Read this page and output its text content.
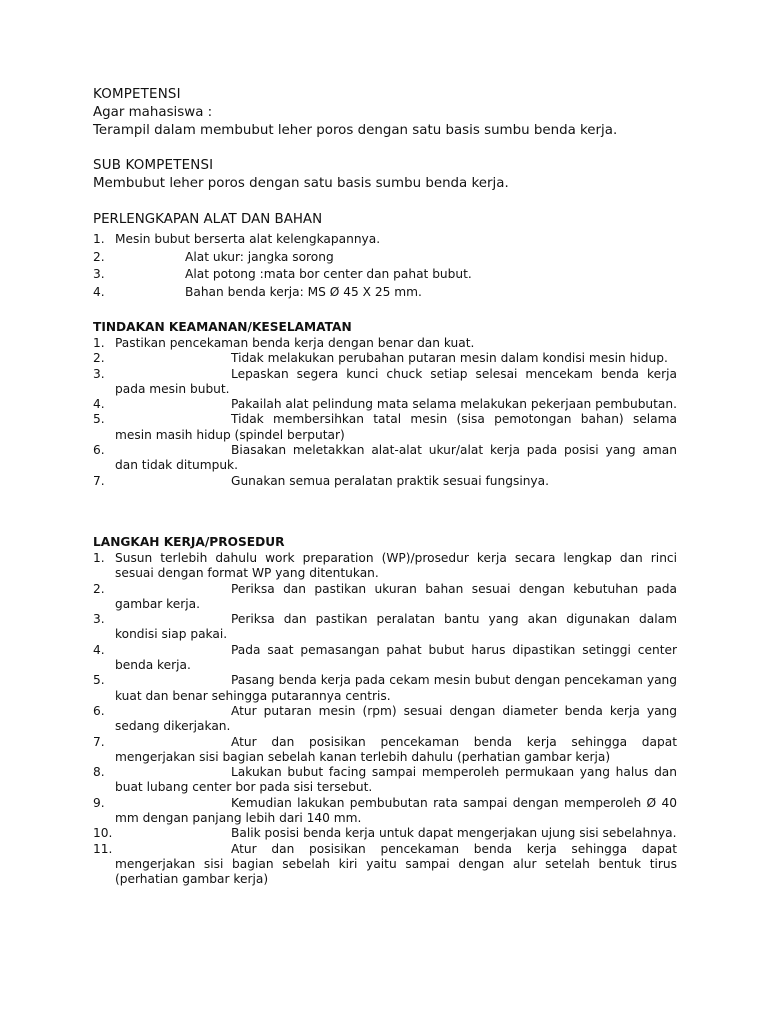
KOMPETENSI
Agar mahasiswa :
Terampil dalam membubut leher poros dengan satu basis sumbu benda kerja.
SUB KOMPETENSI
Membubut leher poros dengan satu basis sumbu benda kerja.
PERLENGKAPAN ALAT DAN BAHAN
1. Mesin bubut berserta alat kelengkapannya.
2.	Alat ukur: jangka sorong
3.	Alat potong :mata bor center dan pahat bubut.
4.	Bahan benda kerja: MS Ø 45 X 25 mm.
TINDAKAN KEAMANAN/KESELAMATAN
1. Pastikan pencekaman benda kerja dengan benar dan kuat.
2.	Tidak melakukan perubahan putaran mesin dalam kondisi mesin hidup.
3.	Lepaskan segera kunci chuck setiap selesai mencekam benda kerja pada mesin bubut.
4.	Pakailah alat pelindung mata selama melakukan pekerjaan pembubutan.
5.	Tidak membersihkan tatal mesin (sisa pemotongan bahan) selama mesin masih hidup (spindel berputar)
6.	Biasakan meletakkan alat-alat ukur/alat kerja pada posisi yang aman dan tidak ditumpuk.
7.	Gunakan semua peralatan praktik sesuai fungsinya.
LANGKAH KERJA/PROSEDUR
1. Susun terlebih dahulu work preparation (WP)/prosedur kerja secara lengkap dan rinci sesuai dengan format WP yang ditentukan.
2.	Periksa dan pastikan ukuran bahan sesuai dengan kebutuhan pada gambar kerja.
3.	Periksa dan pastikan peralatan bantu yang akan digunakan dalam kondisi siap pakai.
4.	Pada saat pemasangan pahat bubut harus dipastikan setinggi center benda kerja.
5.	Pasang benda kerja pada cekam mesin bubut dengan pencekaman yang kuat dan benar sehingga putarannya centris.
6.	Atur putaran mesin (rpm) sesuai dengan diameter benda kerja yang sedang dikerjakan.
7.	Atur dan posisikan pencekaman benda kerja sehingga dapat mengerjakan sisi bagian sebelah kanan terlebih dahulu (perhatian gambar kerja)
8.	Lakukan bubut facing sampai memperoleh permukaan yang halus dan buat lubang center bor pada sisi tersebut.
9.	Kemudian lakukan pembubutan rata sampai dengan memperoleh Ø 40 mm dengan panjang lebih dari 140 mm.
10.	Balik posisi benda kerja untuk dapat mengerjakan ujung sisi sebelahnya.
11.	Atur dan posisikan pencekaman benda kerja sehingga dapat mengerjakan sisi bagian sebelah kiri yaitu sampai dengan alur setelah bentuk tirus (perhatian gambar kerja)
